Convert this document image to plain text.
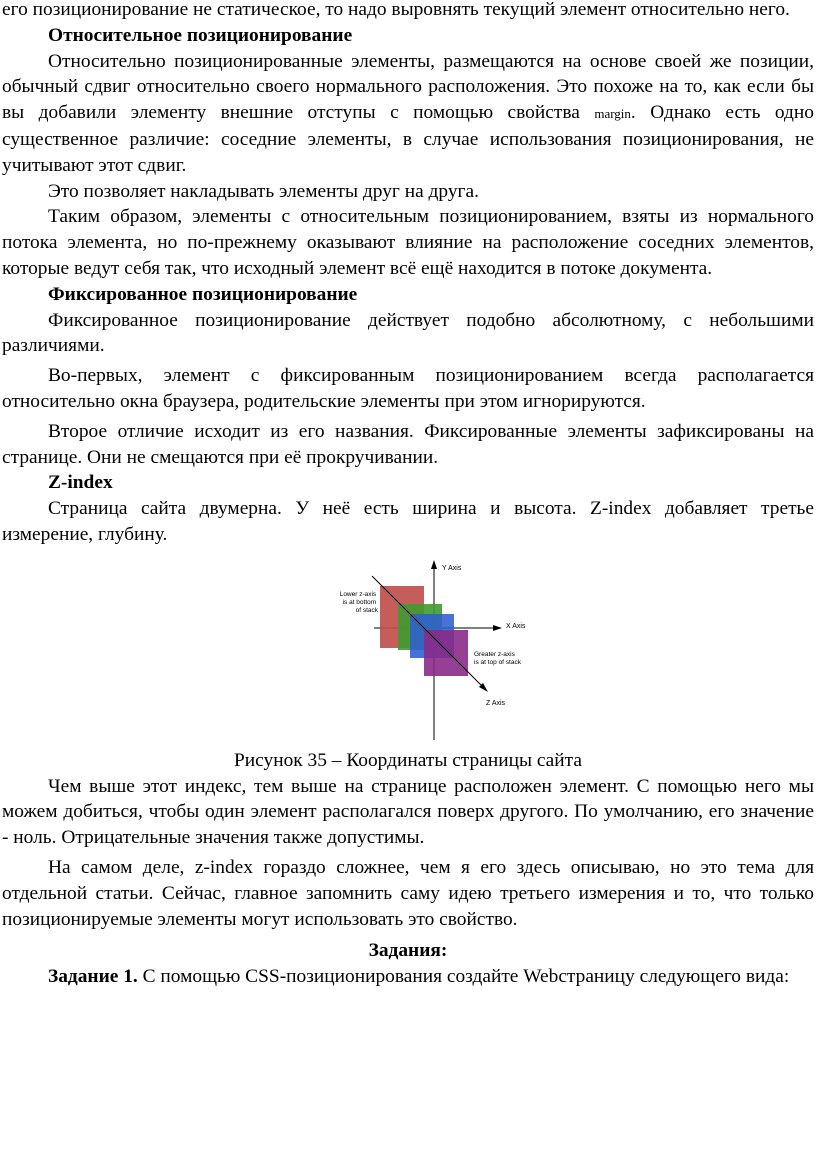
его позиционирование не статическое, то надо выровнять текущий элемент относительно него.

Относительное позиционирование

Относительно позиционированные элементы, размещаются на основе своей же позиции, обычный сдвиг относительно своего нормального расположения. Это похоже на то, как если бы вы добавили элементу внешние отступы с помощью свойства margin. Однако есть одно существенное различие: соседние элементы, в случае использования позиционирования, не учитывают этот сдвиг.

Это позволяет накладывать элементы друг на друга.

Таким образом, элементы с относительным позиционированием, взяты из нормального потока элемента, но по-прежнему оказывают влияние на расположение соседних элементов, которые ведут себя так, что исходный элемент всё ещё находится в потоке документа.

Фиксированное позиционирование

Фиксированное позиционирование действует подобно абсолютному, с небольшими различиями.

Во-первых, элемент с фиксированным позиционированием всегда располагается относительно окна браузера, родительские элементы при этом игнорируются.

Второе отличие исходит из его названия. Фиксированные элементы зафиксированы на странице. Они не смещаются при её прокручивании.

Z-index

Страница сайта двумерна. У неё есть ширина и высота. Z-index добавляет третье измерение, глубину.

Y Axis
X Axis
Z Axis
Lower z-axis is at bottom of stack
Greater z-axis is at top of stack

Рисунок 35 – Координаты страницы сайта

Чем выше этот индекс, тем выше на странице расположен элемент. С помощью него мы можем добиться, чтобы один элемент располагался поверх другого. По умолчанию, его значение - ноль. Отрицательные значения также допустимы.

На самом деле, z-index гораздо сложнее, чем я его здесь описываю, но это тема для отдельной статьи. Сейчас, главное запомнить саму идею третьего измерения и то, что только позиционируемые элементы могут использовать это свойство.

Задания:

Задание 1. С помощью CSS-позиционирования создайте Webстраницу следующего вида:
